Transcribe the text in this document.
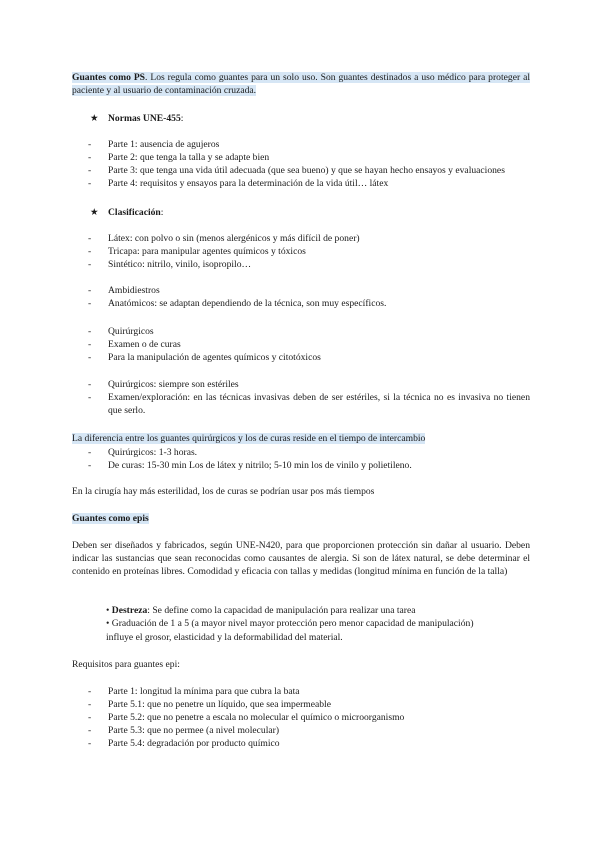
Guantes como PS. Los regula como guantes para un solo uso. Son guantes destinados a uso médico para proteger al paciente y al usuario de contaminación cruzada.
★ Normas UNE-455:
- Parte 1: ausencia de agujeros
- Parte 2: que tenga la talla y se adapte bien
- Parte 3: que tenga una vida útil adecuada (que sea bueno) y que se hayan hecho ensayos y evaluaciones
- Parte 4: requisitos y ensayos para la determinación de la vida útil… látex
★ Clasificación:
- Látex: con polvo o sin (menos alergénicos y más difícil de poner)
- Tricapa: para manipular agentes químicos y tóxicos
- Sintético: nitrilo, vinilo, isopropilo…
- Ambidiestros
- Anatómicos: se adaptan dependiendo de la técnica, son muy específicos.
- Quirúrgicos
- Examen o de curas
- Para la manipulación de agentes químicos y citotóxicos
- Quirúrgicos: siempre son estériles
- Examen/exploración: en las técnicas invasivas deben de ser estériles, si la técnica no es invasiva no tienen que serlo.
La diferencia entre los guantes quirúrgicos y los de curas reside en el tiempo de intercambio
- Quirúrgicos: 1-3 horas.
- De curas: 15-30 min Los de látex y nitrilo; 5-10 min los de vinilo y polietileno.
En la cirugía hay más esterilidad, los de curas se podrían usar pos más tiempos
Guantes como epis
Deben ser diseñados y fabricados, según UNE-N420, para que proporcionen protección sin dañar al usuario. Deben indicar las sustancias que sean reconocidas como causantes de alergia. Si son de látex natural, se debe determinar el contenido en proteínas libres. Comodidad y eficacia con tallas y medidas (longitud mínima en función de la talla)
• Destreza: Se define como la capacidad de manipulación para realizar una tarea
• Graduación de 1 a 5 (a mayor nivel mayor protección pero menor capacidad de manipulación)
influye el grosor, elasticidad y la deformabilidad del material.
Requisitos para guantes epi:
- Parte 1: longitud la mínima para que cubra la bata
- Parte 5.1: que no penetre un líquido, que sea impermeable
- Parte 5.2: que no penetre a escala no molecular el químico o microorganismo
- Parte 5.3: que no permee (a nivel molecular)
- Parte 5.4: degradación por producto químico
